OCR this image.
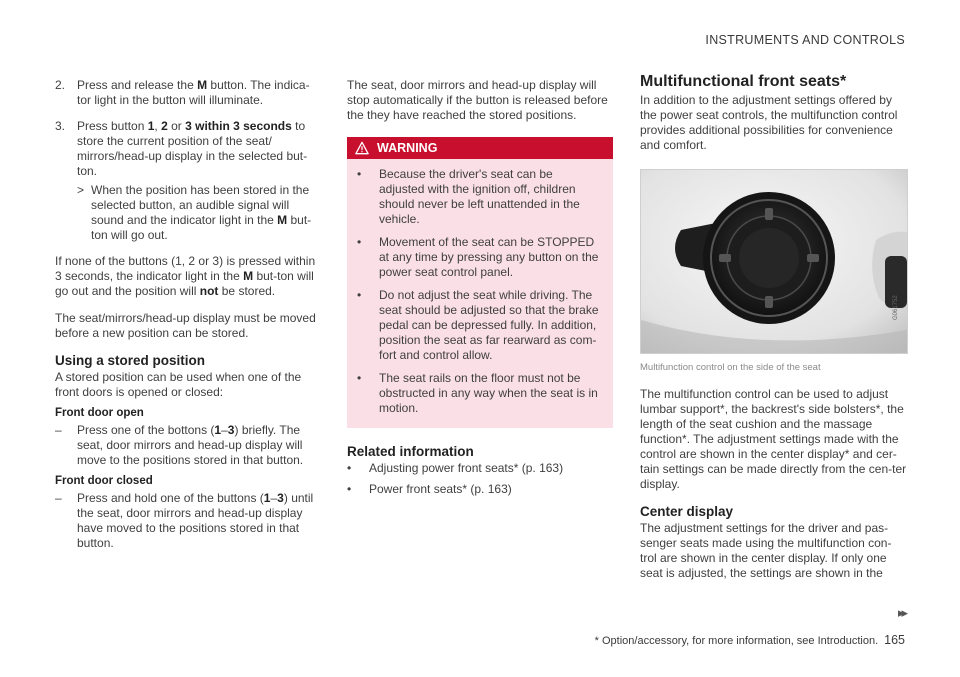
INSTRUMENTS AND CONTROLS
2. Press and release the M button. The indica-tor light in the button will illuminate.
3. Press button 1, 2 or 3 within 3 seconds to store the current position of the seat/ mirrors/head-up display in the selected but-ton.
> When the position has been stored in the selected button, an audible signal will sound and the indicator light in the M but-ton will go out.

If none of the buttons (1, 2 or 3) is pressed within 3 seconds, the indicator light in the M but-ton will go out and the position will not be stored.

The seat/mirrors/head-up display must be moved before a new position can be stored.

Using a stored position

A stored position can be used when one of the front doors is opened or closed:

Front door open
–	Press one of the bottons (1–3) briefly. The seat, door mirrors and head-up display will move to the positions stored in that button.
Front door closed
–	Press and hold one of the buttons (1–3) until the seat, door mirrors and head-up display have moved to the positions stored in that button.

The seat, door mirrors and head-up display will stop automatically if the button is released before the they have reached the stored positions.

WARNING
•	Because the driver's seat can be adjusted with the ignition off, children should never be left unattended in the vehicle.
•	Movement of the seat can be STOPPED at any time by pressing any button on the power seat control panel.
•	Do not adjust the seat while driving. The seat should be adjusted so that the brake pedal can be depressed fully. In addition, position the seat as far rearward as com-fort and control allow.
•	The seat rails on the floor must not be obstructed in any way when the seat is in motion.
Related information
•	Adjusting power front seats* (p. 163)
•	Power front seats* (p. 163)
Multifunctional front seats*

In addition to the adjustment settings offered by the power seat controls, the multifunction control provides additional possibilities for convenience and comfort.

G061752
Multifunction control on the side of the seat

The multifunction control can be used to adjust lumbar support*, the backrest's side bolsters*, the length of the seat cushion and the massage function*. The adjustment settings made with the control are shown in the center display* and cer-tain settings can be made directly from the cen-ter display.

Center display

The adjustment settings for the driver and pas-senger seats made using the multifunction con-trol are shown in the center display. If only one seat is adjusted, the settings are shown in the

▸▸
* Option/accessory, for more information, see Introduction. 165
